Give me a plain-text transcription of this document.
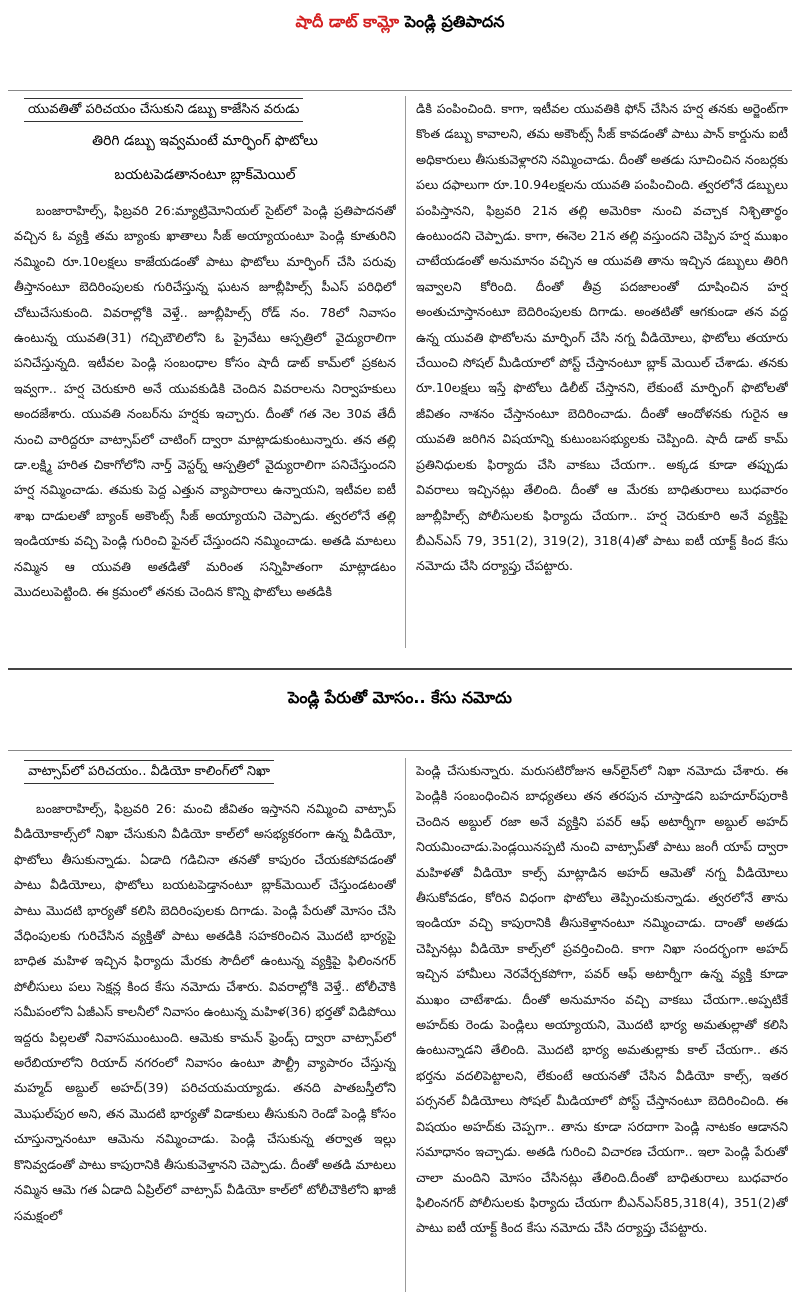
షాదీ డాట్ కామ్లో పెండ్లి ప్రతిపాదన

యువతితో పరిచయం చేసుకుని డబ్బు కాజేసిన వరుడు

తిరిగి డబ్బు ఇవ్వమంటే మార్ఫింగ్ ఫొటోలు

బయటపెడతానంటూ బ్లాక్‌మెయిల్

బంజారాహిల్స్, ఫిబ్రవరి 26:మ్యాట్రిమోనియల్ సైట్‌లో పెండ్లి ప్రతిపాదనతో వచ్చిన ఓ వ్యక్తి తమ బ్యాంకు ఖాతాలు సీజ్ అయ్యాయంటూ పెండ్లి కూతురిని నమ్మించి రూ.10లక్షలు కాజేయడంతో పాటు ఫొటోలు మార్ఫింగ్ చేసి పరువు తీస్తానంటూ బెదిరింపులకు గురిచేస్తున్న ఘటన జూబ్లీహిల్స్ పీఎస్ పరిధిలో చోటుచేసుకుంది. వివరాల్లోకి వెళ్తే.. జూబ్లీహిల్స్ రోడ్ నం. 78లో నివాసం ఉంటున్న యువతి(31) గచ్చిబౌలిలోని ఓ ప్రైవేటు ఆస్పత్రిలో వైద్యురాలిగా పనిచేస్తున్నది. ఇటీవల పెండ్లి సంబంధాల కోసం షాదీ డాట్ కామ్‌లో ప్రకటన ఇవ్వగా.. హర్ష చెరుకూరి అనే యువకుడికి చెందిన వివరాలను నిర్వాహకులు అందజేశారు. యువతి నంబర్‌ను హర్షకు ఇచ్చారు. దీంతో గత నెల 30వ తేదీ నుంచి వారిద్దరూ వాట్సాప్‌లో చాటింగ్ ద్వారా మాట్లాడుకుంటున్నారు. తన తల్లి డా.లక్ష్మి హరిత చికాగోలోని నార్త్ వెస్టర్న్ ఆస్పత్రిలో వైద్యురాలిగా పనిచేస్తుందని హర్ష నమ్మించాడు. తమకు పెద్ద ఎత్తున వ్యాపారాలు ఉన్నాయని, ఇటీవల ఐటీ శాఖ దాడులతో బ్యాంక్ అకౌంట్స్ సీజ్ అయ్యాయని చెప్పాడు. త్వరలోనే తల్లి ఇండియాకు వచ్చి పెండ్లి గురించి ఫైనల్ చేస్తుందని నమ్మించాడు. అతడి మాటలు నమ్మిన ఆ యువతి అతడితో మరింత సన్నిహితంగా మాట్లాడటం మొదలుపెట్టింది. ఈ క్రమంలో తనకు చెందిన కొన్ని ఫొటోలు అతడికి

డికి పంపించింది. కాగా, ఇటీవల యువతికి ఫోన్ చేసిన హర్ష తనకు అర్జెంట్‌గా కొంత డబ్బు కావాలని, తమ అకౌంట్స్ సీజ్ కావడంతో పాటు పాన్ కార్డును ఐటీ అధికారులు తీసుకువెళ్లారని నమ్మించాడు. దీంతో అతడు సూచించిన నంబర్లకు పలు దఫాలుగా రూ.10.94లక్షలను యువతి పంపించింది. త్వరలోనే డబ్బులు పంపిస్తానని, ఫిబ్రవరి 21న తల్లి అమెరికా నుంచి వచ్చాక నిశ్చితార్థం ఉంటుందని చెప్పాడు. కాగా, ఈనెల 21న తల్లి వస్తుందని చెప్పిన హర్ష ముఖం చాటేయడంతో అనుమానం వచ్చిన ఆ యువతి తాను ఇచ్చిన డబ్బులు తిరిగి ఇవ్వాలని కోరింది. దీంతో తీవ్ర పదజాలంతో దూషించిన హర్ష అంతుచూస్తానంటూ బెదిరింపులకు దిగాడు. అంతటితో ఆగకుండా తన వద్ద ఉన్న యువతి ఫొటోలను మార్ఫింగ్ చేసి నగ్న వీడియోలు, ఫొటోలు తయారు చేయించి సోషల్ మీడియాలో పోస్ట్ చేస్తానంటూ బ్లాక్ మెయిల్ చేశాడు. తనకు రూ.10లక్షలు ఇస్తే ఫొటోలు డిలీట్ చేస్తానని, లేకుంటే మార్ఫింగ్ ఫొటోలతో జీవితం నాశనం చేస్తానంటూ బెదిరించాడు. దీంతో ఆందోళనకు గురైన ఆ యువతి జరిగిన విషయాన్ని కుటుంబసభ్యులకు చెప్పింది. షాదీ డాట్ కామ్ ప్రతినిధులకు ఫిర్యాదు చేసి వాకబు చేయగా.. అక్కడ కూడా తప్పుడు వివరాలు ఇచ్చినట్లు తేలింది. దీంతో ఆ మేరకు బాధితురాలు బుధవారం జూబ్లీహిల్స్ పోలీసులకు ఫిర్యాదు చేయగా.. హర్ష చెరుకూరి అనే వ్యక్తిపై బీఎన్ఎస్ 79, 351(2), 319(2), 318(4)తో పాటు ఐటీ యాక్ట్ కింద కేసు నమోదు చేసి దర్యాప్తు చేపట్టారు.

పెండ్లి పేరుతో మోసం.. కేసు నమోదు

వాట్సాప్‌లో పరిచయం.. వీడియో కాలింగ్‌లో నిఖా

బంజారాహిల్స్, ఫిబ్రవరి 26: మంచి జీవితం ఇస్తానని నమ్మించి వాట్సాప్ వీడియోకాల్స్‌లో నిఖా చేసుకుని వీడియో కాల్‌లో అసభ్యకరంగా ఉన్న వీడియో, ఫొటోలు తీసుకున్నాడు. ఏడాది గడిచినా తనతో కాపురం చేయకపోవడంతో పాటు వీడియోలు, ఫొటోలు బయటపెడ్తానంటూ బ్లాక్‌మెయిల్ చేస్తుండటంతో పాటు మొదటి భార్యతో కలిసి బెదిరింపులకు దిగాడు. పెండ్లి పేరుతో మోసం చేసి వేధింపులకు గురిచేసిన వ్యక్తితో పాటు అతడికి సహకరించిన మొదటి భార్యపై బాధిత మహిళ ఇచ్చిన ఫిర్యాదు మేరకు సౌదీలో ఉంటున్న వ్యక్తిపై ఫిలింనగర్ పోలీసులు పలు సెక్షన్ల కింద కేసు నమోదు చేశారు. వివరాల్లోకి వెళ్తే.. టోలీచౌకి సమీపంలోని ఏజీఎస్ కాలనీలో నివాసం ఉంటున్న మహిళ(36) భర్తతో విడిపోయి ఇద్దరు పిల్లలతో నివాసముంటుంది. ఆమెకు కామన్ ఫ్రెండ్స్ ద్వారా వాట్సాప్‌లో అరేబియాలోని రియాద్ నగరంలో నివాసం ఉంటూ పౌల్ట్రీ వ్యాపారం చేస్తున్న మహ్మద్ అబ్దుల్ అహద్(39) పరిచయమయ్యాడు. తనది పాతబస్తీలోని మొఘల్‌పుర అని, తన మొదటి భార్యతో విడాకులు తీసుకుని రెండో పెండ్లి కోసం చూస్తున్నానంటూ ఆమెను నమ్మించాడు. పెండ్లి చేసుకున్న తర్వాత ఇల్లు కొనివ్వడంతో పాటు కాపురానికి తీసుకువెళ్తానని చెప్పాడు. దీంతో అతడి మాటలు నమ్మిన ఆమె గత ఏడాది ఏప్రిల్‌లో వాట్సాప్ వీడియో కాల్‌లో టోలీచౌకిలోని ఖాజీ సమక్షంలో

పెండ్లి చేసుకున్నారు. మరుసటిరోజున ఆన్‌లైన్‌లో నిఖా నమోదు చేశారు. ఈ పెండ్లికి సంబంధించిన బాధ్యతలు తన తరపున చూస్తాడని బహదూర్‌పురాకి చెందిన అబ్దుల్ రజా అనే వ్యక్తిని పవర్ ఆఫ్ అటార్నీగా అబ్దుల్ అహద్ నియమించాడు.పెండ్లయినప్పటి నుంచి వాట్సాప్‌తో పాటు జంగీ యాప్ ద్వారా మహిళతో వీడియో కాల్స్ మాట్లాడిన అహద్ ఆమెతో నగ్న వీడియోలు తీసుకోవడం, కోరిన విధంగా ఫొటోలు తెప్పించుకున్నాడు. త్వరలోనే తాను ఇండియా వచ్చి కాపురానికి తీసుకెళ్తానంటూ నమ్మించాడు. దాంతో అతడు చెప్పినట్లు వీడియో కాల్స్‌లో ప్రవర్తించింది. కాగా నిఖా సందర్భంగా అహద్ ఇచ్చిన హామీలు నెరవేర్చకపోగా, పవర్ ఆఫ్ అటార్నీగా ఉన్న వ్యక్తి కూడా ముఖం చాటేశాడు. దీంతో అనుమానం వచ్చి వాకబు చేయగా..అప్పటికే అహద్‌కు రెండు పెండ్లిలు అయ్యాయని, మొదటి భార్య అమతుల్లాతో కలిసి ఉంటున్నాడని తేలింది. మొదటి భార్య అమతుల్లాకు కాల్ చేయగా.. తన భర్తను వదలిపెట్టాలని, లేకుంటే ఆయనతో చేసిన వీడియో కాల్స్, ఇతర పర్సనల్ వీడియోలు సోషల్ మీడియాలో పోస్ట్ చేస్తానంటూ బెదిరించింది. ఈ విషయం అహద్‌కు చెప్పగా.. తాను కూడా సరదాగా పెండ్లి నాటకం ఆడానని సమాధానం ఇచ్చాడు. అతడి గురించి విచారణ చేయగా.. ఇలా పెండ్లి పేరుతో చాలా మందిని మోసం చేసినట్లు తేలింది.దీంతో బాధితురాలు బుధవారం ఫిలింనగర్ పోలీసులకు ఫిర్యాదు చేయగా బీఎన్ఎస్85,318(4), 351(2)తో పాటు ఐటీ యాక్ట్ కింద కేసు నమోదు చేసి దర్యాప్తు చేపట్టారు.
